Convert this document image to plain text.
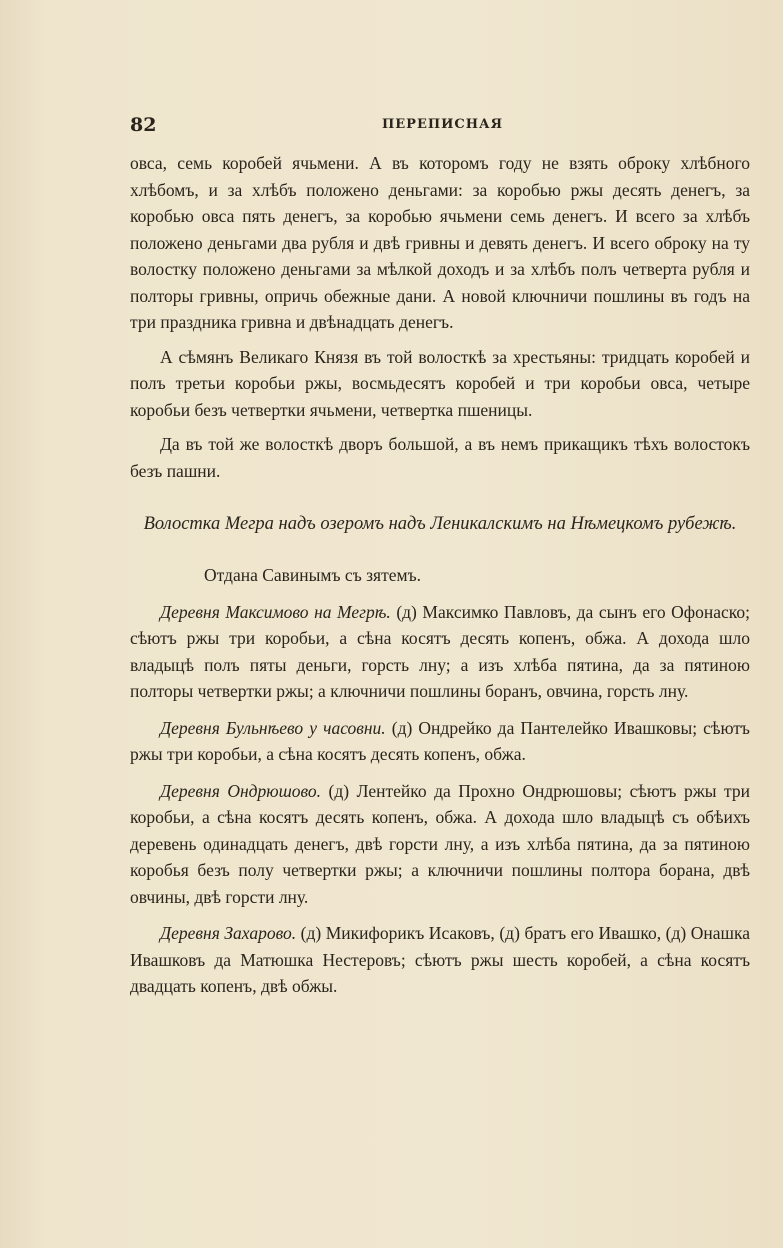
82	ПЕРЕПИСНАЯ

овса, семь коробей ячьмени. А въ которомъ году не взять оброку хлѣбного хлѣбомъ, и за хлѣбъ положено деньгами: за коробью ржы десять денегъ, за коробью овса пять денегъ, за коробью ячьмени семь денегъ. И всего за хлѣбъ положено деньгами два рубля и двѣ гривны и девять денегъ. И всего оброку на ту волостку положено деньгами за мѣлкой доходъ и за хлѣбъ полъ четверта рубля и полторы гривны, опричь обежные дани. А новой ключничи пошлины въ годъ на три праздника гривна и двѣнадцать денегъ.

А сѣмянъ Великаго Князя въ той волосткѣ за хрестьяны: тридцать коробей и полъ третьи коробьи ржы, восмьдесятъ коробей и три коробьи овса, четыре коробьи безъ четвертки ячьмени, четвертка пшеницы.

Да въ той же волосткѣ дворъ большой, а въ немъ прикащикъ тѣхъ волостокъ безъ пашни.

Волостка Мегра надъ озеромъ надъ Леникалскимъ на Нѣмецкомъ рубежѣ.
Отдана Савинымъ съ зятемъ.

Деревня Максимово на Мегрѣ. (д) Максимко Павловъ, да сынъ его Офонаско; сѣютъ ржы три коробьи, а сѣна косятъ десять копенъ, обжа. А дохода шло владыцѣ полъ пяты деньги, горсть лну; а изъ хлѣба пятина, да за пятиною полторы четвертки ржы; а ключничи пошлины боранъ, овчина, горсть лну.

Деревня Бульнѣево у часовни. (д) Ондрейко да Пантелейко Ивашковы; сѣютъ ржы три коробьи, а сѣна косятъ десять копенъ, обжа.

Деревня Ондрюшово. (д) Лентейко да Прохно Ондрюшовы; сѣютъ ржы три коробьи, а сѣна косятъ десять копенъ, обжа. А дохода шло владыцѣ съ обѣихъ деревень одинадцать денегъ, двѣ горсти лну, а изъ хлѣба пятина, да за пятиною коробья безъ полу четвертки ржы; а ключничи пошлины полтора борана, двѣ овчины, двѣ горсти лну.

Деревня Захарово. (д) Микифорикъ Исаковъ, (д) братъ его Ивашко, (д) Онашка Ивашковъ да Матюшка Нестеровъ; сѣютъ ржы шесть коробей, а сѣна косятъ двадцать копенъ, двѣ обжы.
